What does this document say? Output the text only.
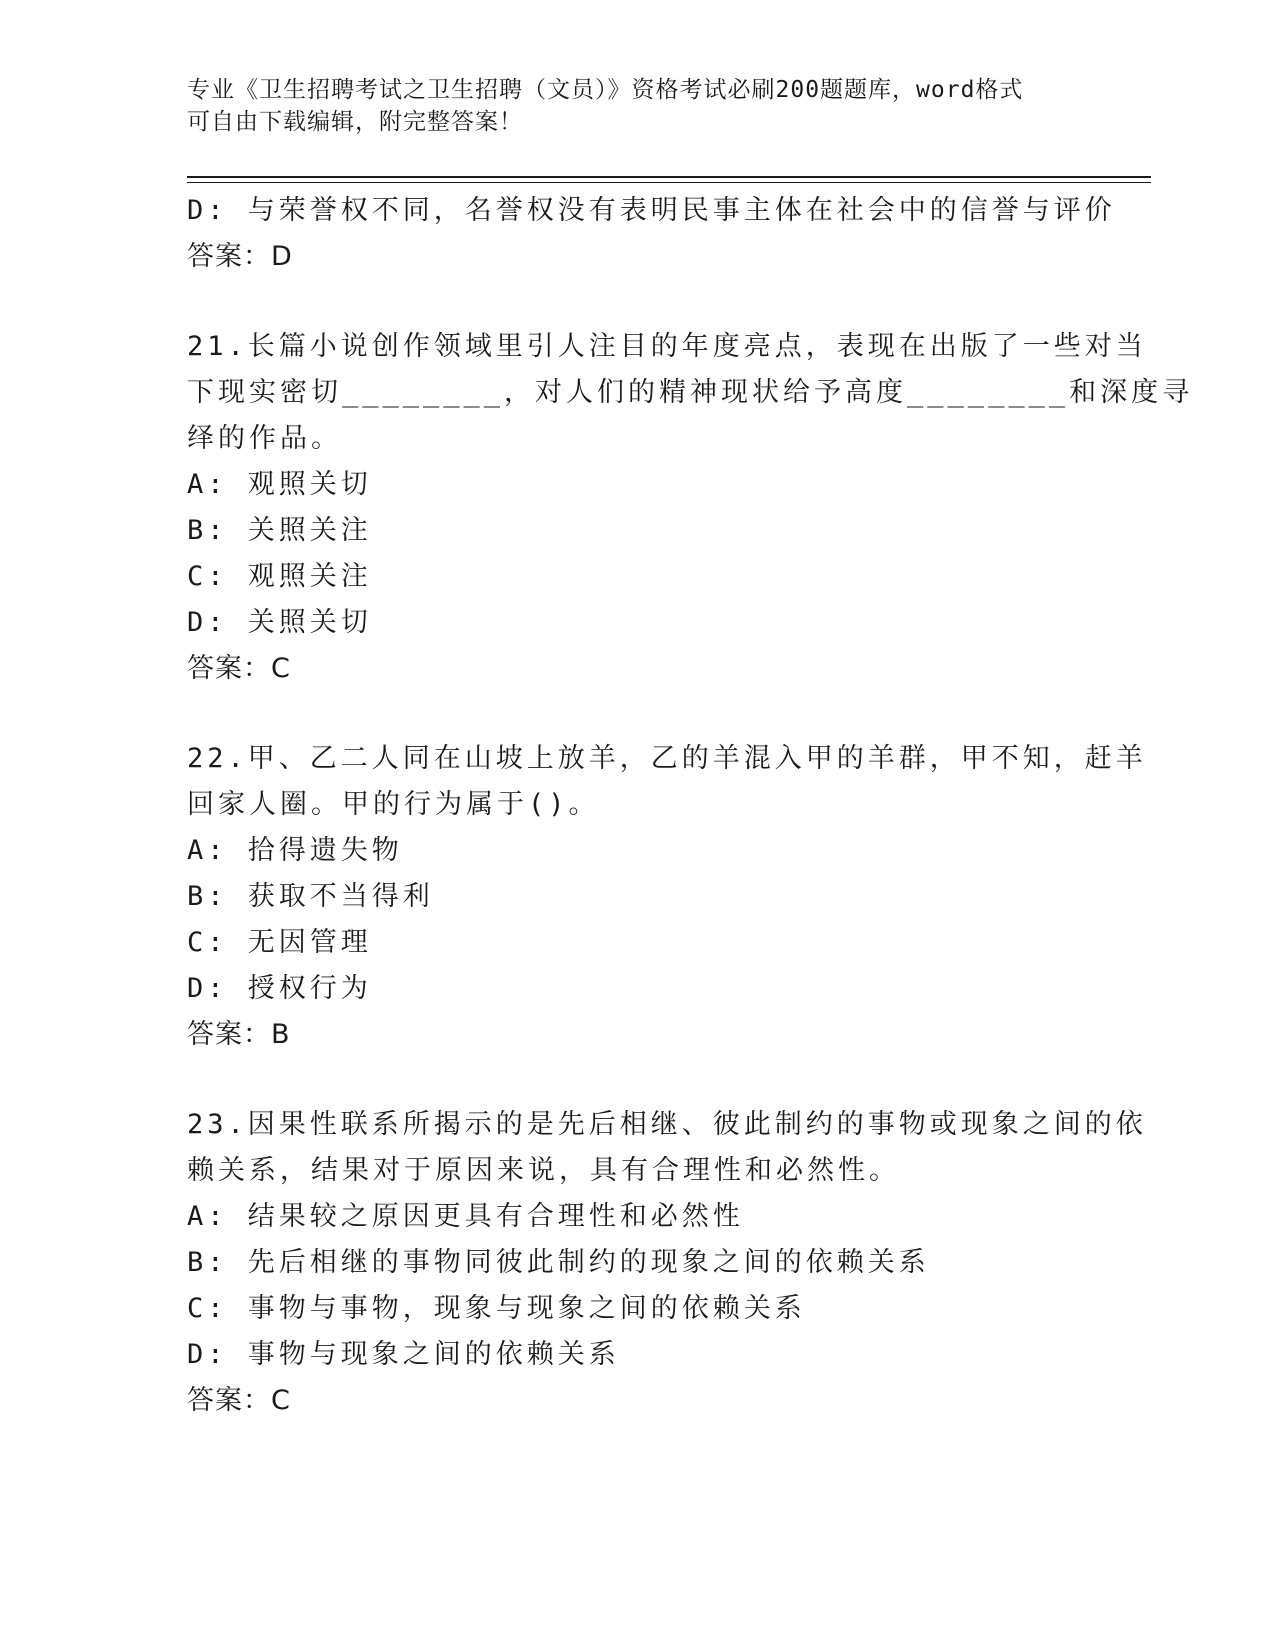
专业《卫生招聘考试之卫生招聘（文员）》资格考试必刷200题题库，word格式
可自由下载编辑，附完整答案！

D: 与荣誉权不同，名誉权没有表明民事主体在社会中的信誉与评价

答案：D

21.长篇小说创作领域里引人注目的年度亮点，表现在出版了一些对当

下现实密切________，对人们的精神现状给予高度________和深度寻

绎的作品。

A: 观照关切

B: 关照关注

C: 观照关注

D: 关照关切

答案：C

22.甲、乙二人同在山坡上放羊，乙的羊混入甲的羊群，甲不知，赶羊

回家人圈。甲的行为属于()。

A: 拾得遗失物

B: 获取不当得利

C: 无因管理

D: 授权行为

答案：B

23.因果性联系所揭示的是先后相继、彼此制约的事物或现象之间的依

赖关系，结果对于原因来说，具有合理性和必然性。

A: 结果较之原因更具有合理性和必然性

B: 先后相继的事物同彼此制约的现象之间的依赖关系

C: 事物与事物，现象与现象之间的依赖关系

D: 事物与现象之间的依赖关系

答案：C
